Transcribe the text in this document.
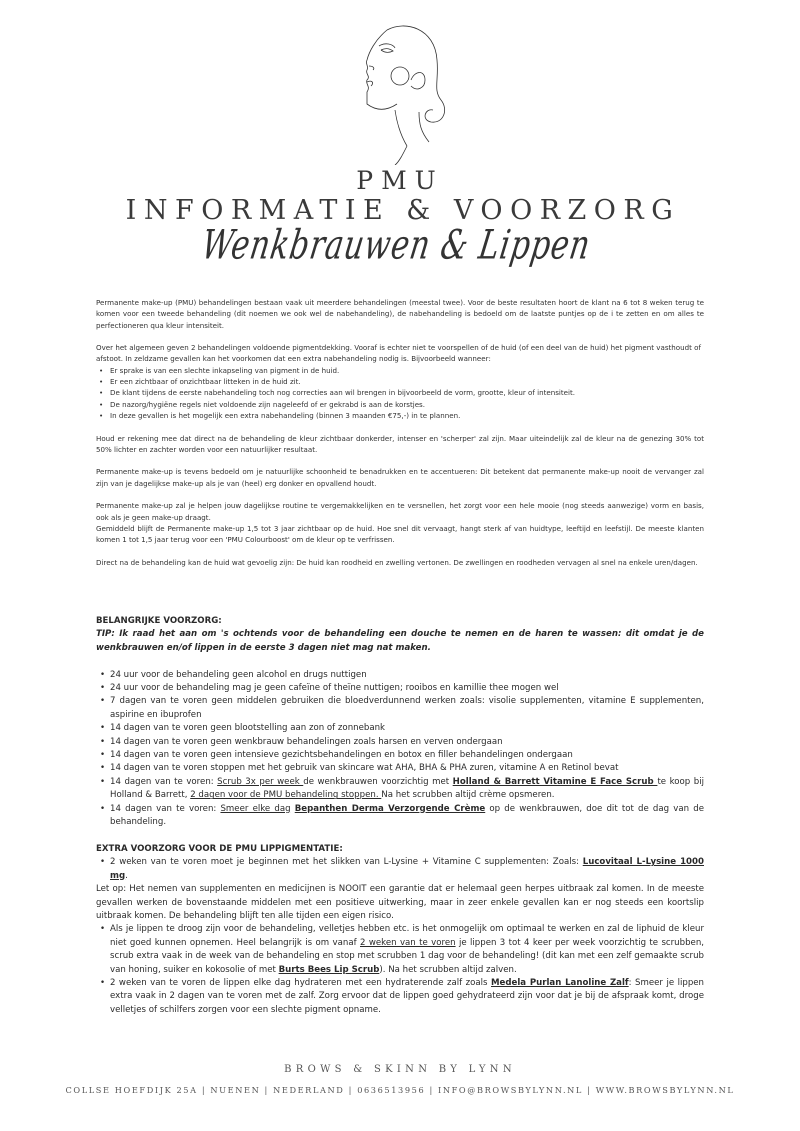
PMU
INFORMATIE & VOORZORG
Wenkbrauwen & Lippen

Permanente make-up (PMU) behandelingen bestaan vaak uit meerdere behandelingen (meestal twee). Voor de beste resultaten hoort de klant na 6 tot 8 weken terug te komen voor een tweede behandeling (dit noemen we ook wel de nabehandeling), de nabehandeling is bedoeld om de laatste puntjes op de i te zetten en om alles te perfectioneren qua kleur intensiteit.

Over het algemeen geven 2 behandelingen voldoende pigmentdekking. Vooraf is echter niet te voorspellen of de huid (of een deel van de huid) het pigment vasthoudt of afstoot. In zeldzame gevallen kan het voorkomen dat een extra nabehandeling nodig is. Bijvoorbeeld wanneer:

• Er sprake is van een slechte inkapseling van pigment in de huid.
• Er een zichtbaar of onzichtbaar litteken in de huid zit.
• De klant tijdens de eerste nabehandeling toch nog correcties aan wil brengen in bijvoorbeeld de vorm, grootte, kleur of intensiteit.
• De nazorg/hygiëne regels niet voldoende zijn nageleefd of er gekrabd is aan de korstjes.
• In deze gevallen is het mogelijk een extra nabehandeling (binnen 3 maanden €75,-) in te plannen.

Houd er rekening mee dat direct na de behandeling de kleur zichtbaar donkerder, intenser en 'scherper' zal zijn. Maar uiteindelijk zal de kleur na de genezing 30% tot 50% lichter en zachter worden voor een natuurlijker resultaat.

Permanente make-up is tevens bedoeld om je natuurlijke schoonheid te benadrukken en te accentueren: Dit betekent dat permanente make-up nooit de vervanger zal zijn van je dagelijkse make-up als je van (heel) erg donker en opvallend houdt.

Permanente make-up zal je helpen jouw dagelijkse routine te vergemakkelijken en te versnellen, het zorgt voor een hele mooie (nog steeds aanwezige) vorm en basis, ook als je geen make-up draagt.

Gemiddeld blijft de Permanente make-up 1,5 tot 3 jaar zichtbaar op de huid. Hoe snel dit vervaagt, hangt sterk af van huidtype, leeftijd en leefstijl. De meeste klanten komen 1 tot 1,5 jaar terug voor een 'PMU Colourboost' om de kleur op te verfrissen.

Direct na de behandeling kan de huid wat gevoelig zijn: De huid kan roodheid en zwelling vertonen. De zwellingen en roodheden vervagen al snel na enkele uren/dagen.

BELANGRIJKE VOORZORG:

TIP: Ik raad het aan om 's ochtends voor de behandeling een douche te nemen en de haren te wassen: dit omdat je de wenkbrauwen en/of lippen in de eerste 3 dagen niet mag nat maken.

• 24 uur voor de behandeling geen alcohol en drugs nuttigen
• 24 uur voor de behandeling mag je geen cafeïne of theïne nuttigen; rooibos en kamillie thee mogen wel
• 7 dagen van te voren geen middelen gebruiken die bloedverdunnend werken zoals: visolie supplementen, vitamine E supplementen, aspirine en ibuprofen
• 14 dagen van te voren geen blootstelling aan zon of zonnebank
• 14 dagen van te voren geen wenkbrauw behandelingen zoals harsen en verven ondergaan
• 14 dagen van te voren geen intensieve gezichtsbehandelingen en botox en filler behandelingen ondergaan
• 14 dagen van te voren stoppen met het gebruik van skincare wat AHA, BHA & PHA zuren, vitamine A en Retinol bevat
• 14 dagen van te voren: Scrub 3x per week de wenkbrauwen voorzichtig met Holland & Barrett Vitamine E Face Scrub te koop bij Holland & Barrett, 2 dagen voor de PMU behandeling stoppen. Na het scrubben altijd crème opsmeren.
• 14 dagen van te voren: Smeer elke dag Bepanthen Derma Verzorgende Crème op de wenkbrauwen, doe dit tot de dag van de behandeling.

EXTRA VOORZORG VOOR DE PMU LIPPIGMENTATIE:

• 2 weken van te voren moet je beginnen met het slikken van L-Lysine + Vitamine C supplementen: Zoals: Lucovitaal L-Lysine 1000 mg.

Let op: Het nemen van supplementen en medicijnen is NOOIT een garantie dat er helemaal geen herpes uitbraak zal komen. In de meeste gevallen werken de bovenstaande middelen met een positieve uitwerking, maar in zeer enkele gevallen kan er nog steeds een koortslip uitbraak komen. De behandeling blijft ten alle tijden een eigen risico.

• Als je lippen te droog zijn voor de behandeling, velletjes hebben etc. is het onmogelijk om optimaal te werken en zal de liphuid de kleur niet goed kunnen opnemen. Heel belangrijk is om vanaf 2 weken van te voren je lippen 3 tot 4 keer per week voorzichtig te scrubben, scrub extra vaak in de week van de behandeling en stop met scrubben 1 dag voor de behandeling! (dit kan met een zelf gemaakte scrub van honing, suiker en kokosolie of met Burts Bees Lip Scrub). Na het scrubben altijd zalven.
• 2 weken van te voren de lippen elke dag hydrateren met een hydraterende zalf zoals Medela Purlan Lanoline Zalf: Smeer je lippen extra vaak in 2 dagen van te voren met de zalf. Zorg ervoor dat de lippen goed gehydrateerd zijn voor dat je bij de afspraak komt, droge velletjes of schilfers zorgen voor een slechte pigment opname.
BROWS & SKINN BY LYNN
COLLSE HOEFDIJK 25A | NUENEN | NEDERLAND | 0636513956 | INFO@BROWSBYLYNN.NL | WWW.BROWSBYLYNN.NL
